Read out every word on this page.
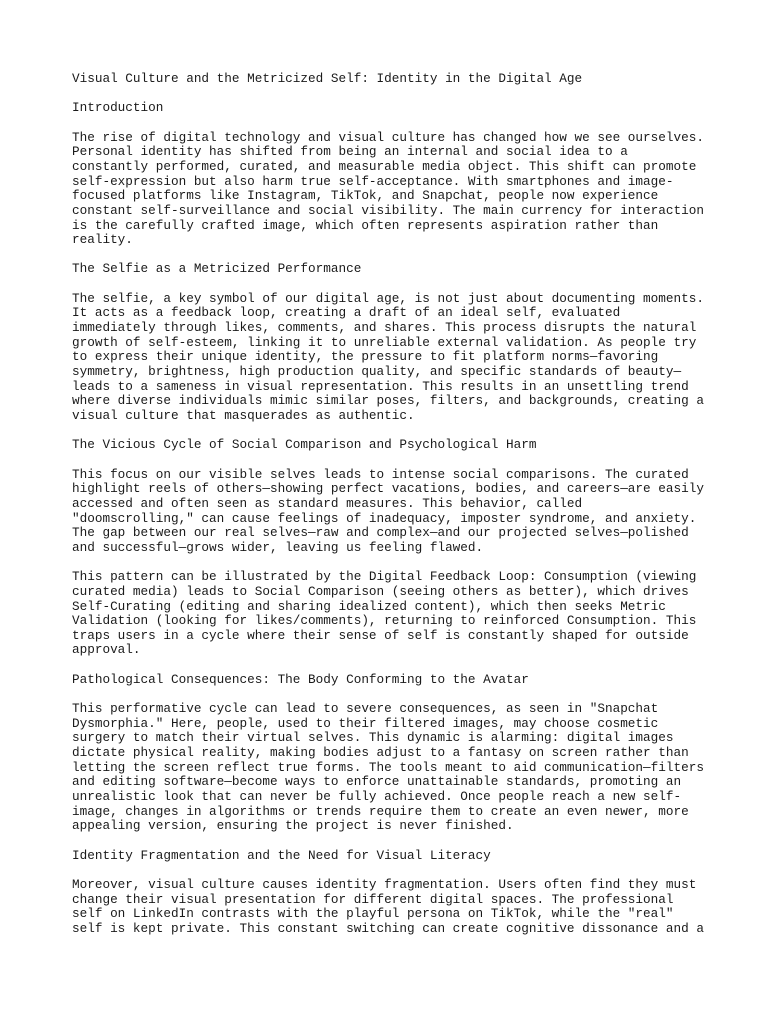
Visual Culture and the Metricized Self: Identity in the Digital Age
Introduction
The rise of digital technology and visual culture has changed how we see ourselves.
Personal identity has shifted from being an internal and social idea to a
constantly performed, curated, and measurable media object. This shift can promote
self-expression but also harm true self-acceptance. With smartphones and image-
focused platforms like Instagram, TikTok, and Snapchat, people now experience
constant self-surveillance and social visibility. The main currency for interaction
is the carefully crafted image, which often represents aspiration rather than
reality.
The Selfie as a Metricized Performance
The selfie, a key symbol of our digital age, is not just about documenting moments.
It acts as a feedback loop, creating a draft of an ideal self, evaluated
immediately through likes, comments, and shares. This process disrupts the natural
growth of self-esteem, linking it to unreliable external validation. As people try
to express their unique identity, the pressure to fit platform norms—favoring
symmetry, brightness, high production quality, and specific standards of beauty—
leads to a sameness in visual representation. This results in an unsettling trend
where diverse individuals mimic similar poses, filters, and backgrounds, creating a
visual culture that masquerades as authentic.
The Vicious Cycle of Social Comparison and Psychological Harm
This focus on our visible selves leads to intense social comparisons. The curated
highlight reels of others—showing perfect vacations, bodies, and careers—are easily
accessed and often seen as standard measures. This behavior, called
"doomscrolling," can cause feelings of inadequacy, imposter syndrome, and anxiety.
The gap between our real selves—raw and complex—and our projected selves—polished
and successful—grows wider, leaving us feeling flawed.
This pattern can be illustrated by the Digital Feedback Loop: Consumption (viewing
curated media) leads to Social Comparison (seeing others as better), which drives
Self-Curating (editing and sharing idealized content), which then seeks Metric
Validation (looking for likes/comments), returning to reinforced Consumption. This
traps users in a cycle where their sense of self is constantly shaped for outside
approval.
Pathological Consequences: The Body Conforming to the Avatar
This performative cycle can lead to severe consequences, as seen in "Snapchat
Dysmorphia." Here, people, used to their filtered images, may choose cosmetic
surgery to match their virtual selves. This dynamic is alarming: digital images
dictate physical reality, making bodies adjust to a fantasy on screen rather than
letting the screen reflect true forms. The tools meant to aid communication—filters
and editing software—become ways to enforce unattainable standards, promoting an
unrealistic look that can never be fully achieved. Once people reach a new self-
image, changes in algorithms or trends require them to create an even newer, more
appealing version, ensuring the project is never finished.
Identity Fragmentation and the Need for Visual Literacy
Moreover, visual culture causes identity fragmentation. Users often find they must
change their visual presentation for different digital spaces. The professional
self on LinkedIn contrasts with the playful persona on TikTok, while the "real"
self is kept private. This constant switching can create cognitive dissonance and a
